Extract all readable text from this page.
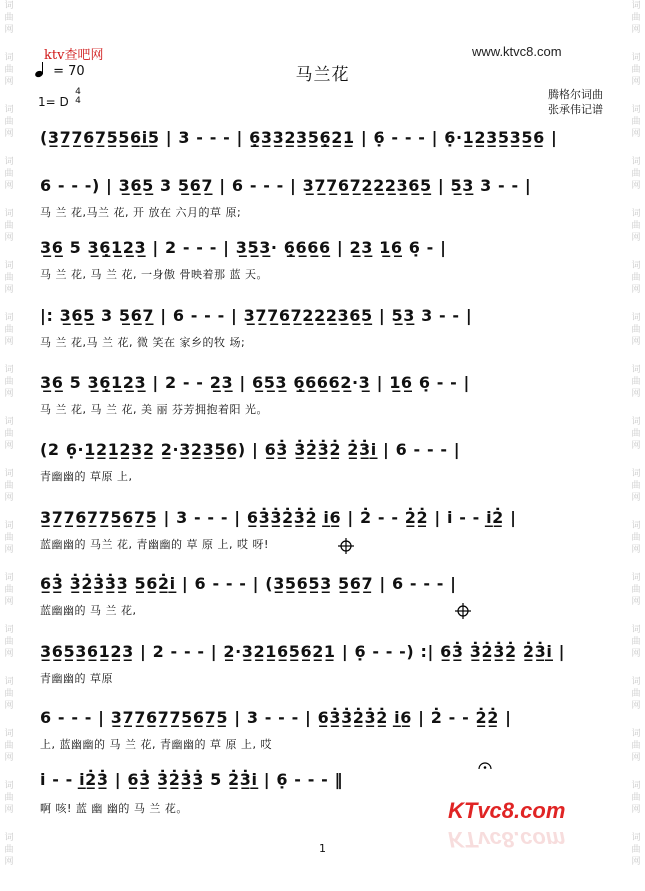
词
曲
网
词
曲
网
词
曲
网
词
曲
网
词
曲
网
词
曲
网
词
曲
网
词
曲
网
词
曲
网
词
曲
网
词
曲
网
词
曲
网
词
曲
网
词
曲
网
词
曲
网
词
曲
网
词
曲
网
词
曲
网
词
曲
网
词
曲
网
词
曲
网
词
曲
网
词
曲
网
词
曲
网
词
曲
网
词
曲
网
词
曲
网
词
曲
网
词
曲
网
词
曲
网
词
曲
网
词
曲
网
词
曲
网
词
曲
网
ktv查吧网	www.ktvc8.com
= 70	马兰花
1= D
4
4	腾格尔词曲
张承伟记谱
(3̲7̲7̲6̲7̲5̲5̲6̲i̲5̲ | 3 - - - | 6̣̲3̲3̲2̲3̲5̲6̣̲2̲1̲ | 6̣ - - - | 6̣·1̲2̲3̲5̲3̲5̲6̲ |
6 - - -) | 3̲6̲5̲ 3 5̲6̲7̲ | 6 - - - | 3̲7̲7̲6̲7̲2̲2̲2̲3̲6̲5̲ | 5̲3̲ 3 - - |
马 兰 花,马兰 花, 开 放在 六月的草 原;
3̲6̲ 5 3̲6̣̲1̲2̲3̲ | 2 - - - | 3̲5̲3̲· 6̣̲6̲6̲6̲ | 2̲3̲ 1̲6̲ 6̣ - |
马 兰 花, 马 兰 花, 一身傲 骨映着那 蓝 天。
|: 3̲6̲5̲ 3 5̲6̲7̲ | 6 - - - | 3̲7̲7̲6̲7̲2̲2̲2̲3̲6̲5̲ | 5̲3̲ 3 - - |
马 兰 花,马 兰 花, 微 笑在 家乡的牧 场;
3̲6̲ 5 3̲6̣̲1̲2̲3̲ | 2 - - 2̲3̲ | 6̲5̲3̲ 6̣̲6̲6̲6̲2̲·3̲ | 1̲6̲ 6̣ - - |
马 兰 花, 马 兰 花, 美 丽 芬芳拥抱着阳 光。
(2 6̣·1̲2̲1̲2̲3̲2̲ 2̲·3̲2̲3̲5̲6̲) | 6̲3̲̇ 3̲̇2̲̇3̲̇2̲̇ 2̲̇3̲̇i̲ | 6 - - - |
青幽幽的 草原 上,
3̲7̲7̲6̲7̲7̲5̲6̲7̲5̲ | 3 - - - | 6̲3̲̇3̲̇2̲̇3̲̇2̲̇ i̲6̲ | 2̇ - - 2̲̇2̲̇ | i - - i̲2̲̇ |
蓝幽幽的 马兰 花, 青幽幽的 草 原 上, 哎 呀!
6̲3̲̇ 3̲̇2̲̇3̲̇3̲̇3̲ 5̲6̲2̲̇i̲ | 6 - - - | (3̲5̲6̲5̲3̲ 5̲6̲7̲ | 6 - - - |
蓝幽幽的 马 兰 花,
3̲6̲5̲3̲6̲1̲2̲3̲ | 2 - - - | 2̲·3̲2̲1̲6̲5̲6̲2̲1̲ | 6̣ - - -) :| 6̲3̲̇ 3̲̇2̲̇3̲̇2̲̇ 2̲̇3̲̇i̲ |
青幽幽的 草原
6 - - - | 3̲7̲7̲6̲7̲7̲5̲6̲7̲5̲ | 3 - - - | 6̲3̲̇3̲̇2̲̇3̲̇2̲̇ i̲6̲ | 2̇ - - 2̲̇2̲̇ |
上, 蓝幽幽的 马 兰 花, 青幽幽的 草 原 上, 哎
i - - i̲2̲̇3̲̇ | 6̲3̲̇ 3̲̇2̲̇3̲̇3̲̇ 5 2̲̇3̲̇i̲ | 6̣ - - - ‖
啊 咳! 蓝 幽 幽的 马 兰 花。	KTvc8.com
KTvc8.com
1
